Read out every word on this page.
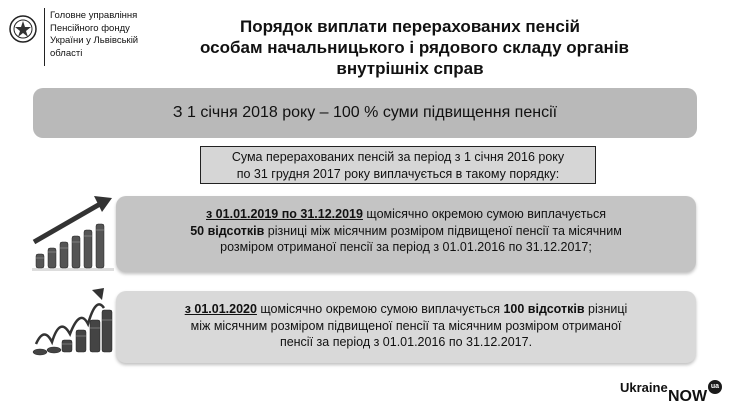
Головне управління
Пенсійного фонду
України у Львівській
області
Порядок виплати перерахованих пенсій
особам начальницького і рядового складу органів
внутрішніх справ
З 1 січня 2018 року – 100 % суми підвищення пенсії
Сума перерахованих пенсій за період з 1 січня 2016 року
по 31 грудня 2017 року виплачується в такому порядку:
з 01.01.2019 по 31.12.2019 щомісячно окремою сумою виплачується
50 відсотків різниці між місячним розміром підвищеної пенсії та місячним
розміром отриманої пенсії за період з 01.01.2016 по 31.12.2017;
з 01.01.2020 щомісячно окремою сумою виплачується 100 відсотків різниці
між місячним розміром підвищеної пенсії та місячним розміром отриманої
пенсії за період з 01.01.2016 по 31.12.2017.
Ukraine
NOW
ua
